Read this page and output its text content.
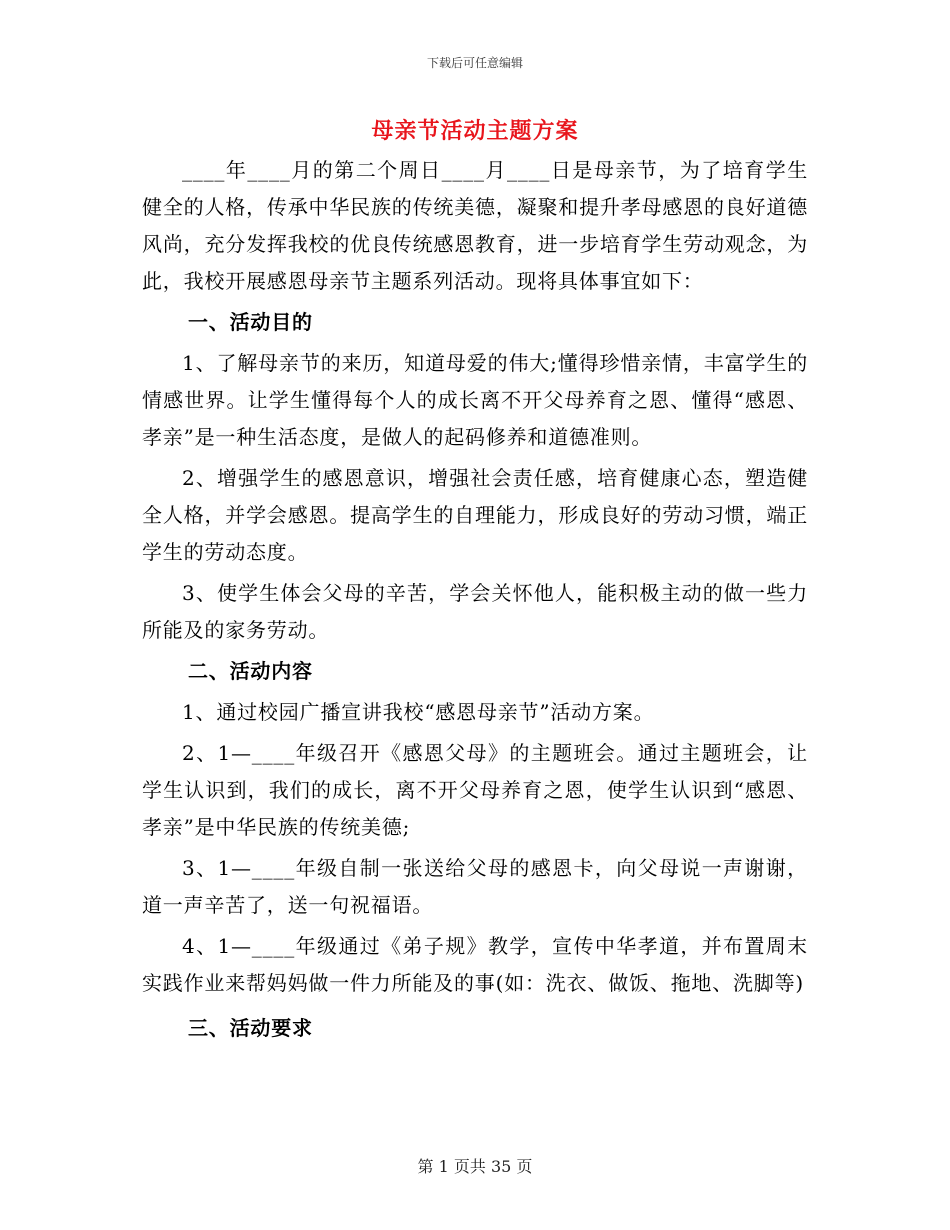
下载后可任意编辑
母亲节活动主题方案

____年____月的第二个周日____月____日是母亲节，为了培育学生健全的人格，传承中华民族的传统美德，凝聚和提升孝母感恩的良好道德风尚，充分发挥我校的优良传统感恩教育，进一步培育学生劳动观念，为此，我校开展感恩母亲节主题系列活动。现将具体事宜如下：

一、活动目的

1、了解母亲节的来历，知道母爱的伟大;懂得珍惜亲情，丰富学生的情感世界。让学生懂得每个人的成长离不开父母养育之恩、懂得“感恩、孝亲”是一种生活态度，是做人的起码修养和道德准则。

2、增强学生的感恩意识，增强社会责任感，培育健康心态，塑造健全人格，并学会感恩。提高学生的自理能力，形成良好的劳动习惯，端正学生的劳动态度。

3、使学生体会父母的辛苦，学会关怀他人，能积极主动的做一些力所能及的家务劳动。

二、活动内容

1、通过校园广播宣讲我校“感恩母亲节”活动方案。

2、1—____年级召开《感恩父母》的主题班会。通过主题班会，让学生认识到，我们的成长，离不开父母养育之恩，使学生认识到“感恩、孝亲”是中华民族的传统美德;

3、1—____年级自制一张送给父母的感恩卡，向父母说一声谢谢，道一声辛苦了，送一句祝福语。

4、1—____年级通过《弟子规》教学，宣传中华孝道，并布置周末实践作业来帮妈妈做一件力所能及的事(如：洗衣、做饭、拖地、洗脚等)

三、活动要求

第 1 页共 35 页
